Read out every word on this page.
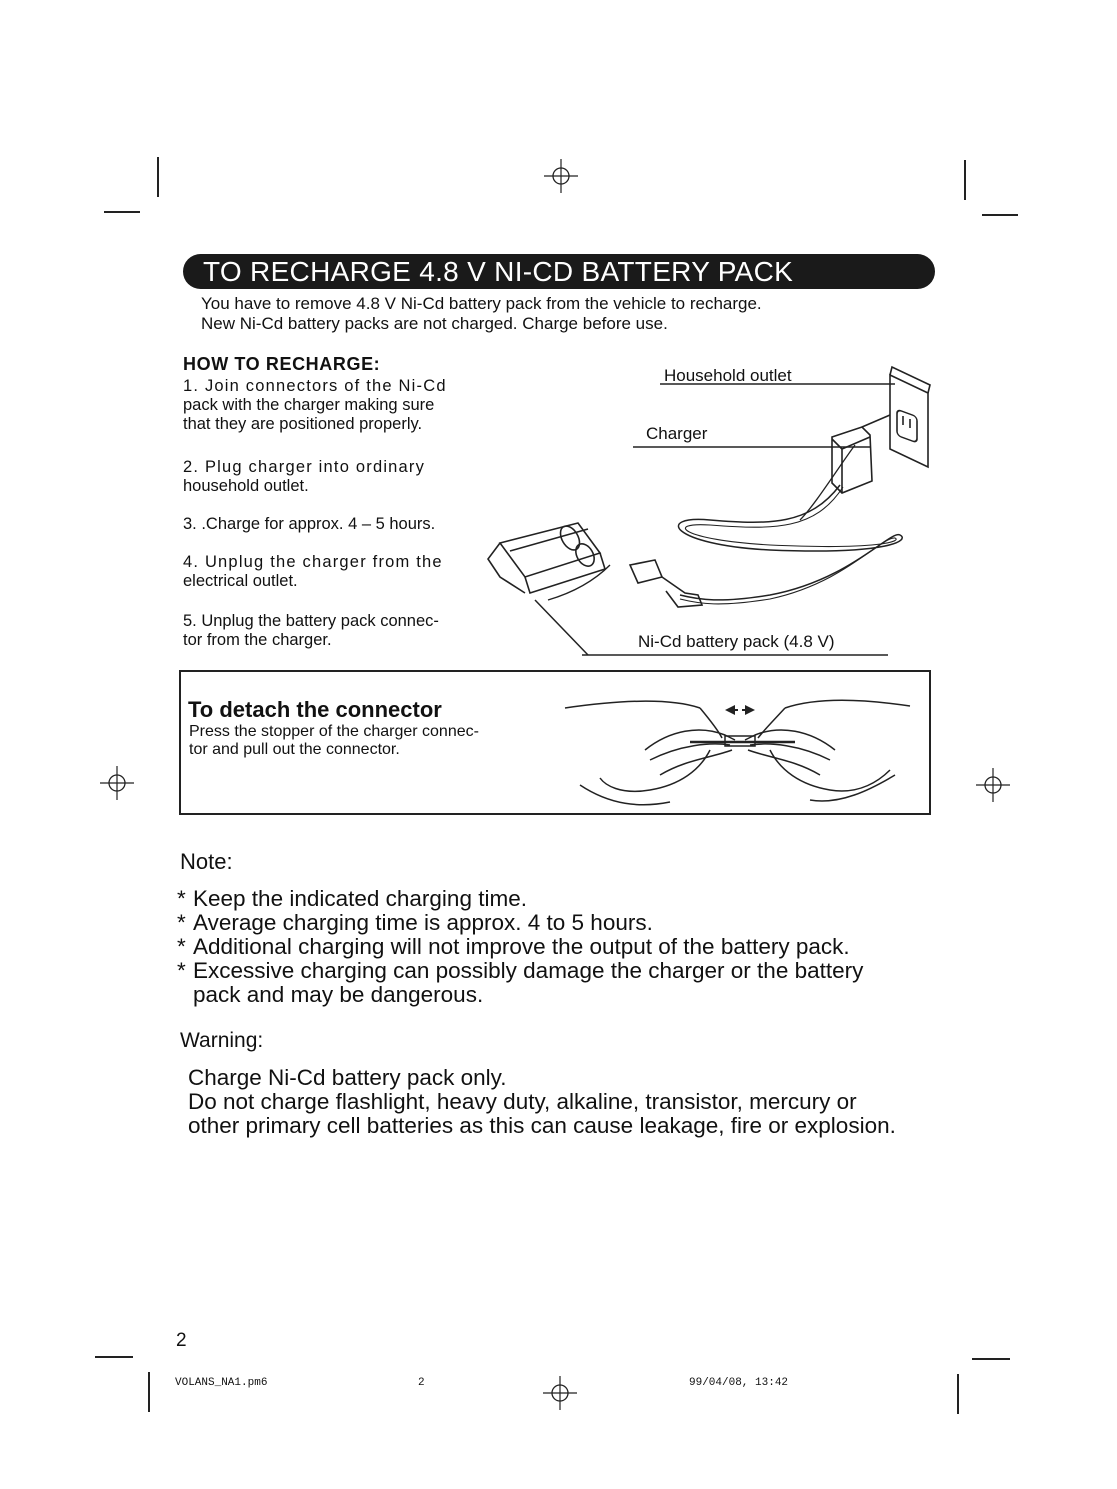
TO RECHARGE 4.8 V NI-CD BATTERY PACK
You have to remove 4.8 V Ni-Cd battery pack from the vehicle to recharge.
New Ni-Cd battery packs are not charged. Charge before use.
HOW TO RECHARGE:
1. Join connectors of the Ni-Cd
pack with the charger making sure
that they are positioned properly.
2. Plug charger into ordinary
household outlet.
3. .Charge for approx. 4 – 5 hours.
4. Unplug the charger from the
electrical outlet.
5. Unplug the battery pack connec-
tor from the charger.
Household outlet
Charger
Ni-Cd battery pack (4.8 V)
To detach the connector
Press the stopper of the charger connec-
tor and pull out the connector.
Note:
* Keep the indicated charging time.
* Average charging time is approx. 4 to 5 hours.
* Additional charging will not improve the output of the battery pack.
* Excessive charging can possibly damage the charger or the battery
pack and may be dangerous.
Warning:
Charge Ni-Cd battery pack only.
Do not charge flashlight, heavy duty, alkaline, transistor, mercury or
other primary cell batteries as this can cause leakage, fire or explosion.
2
VOLANS_NA1.pm6	2	99/04/08, 13:42
